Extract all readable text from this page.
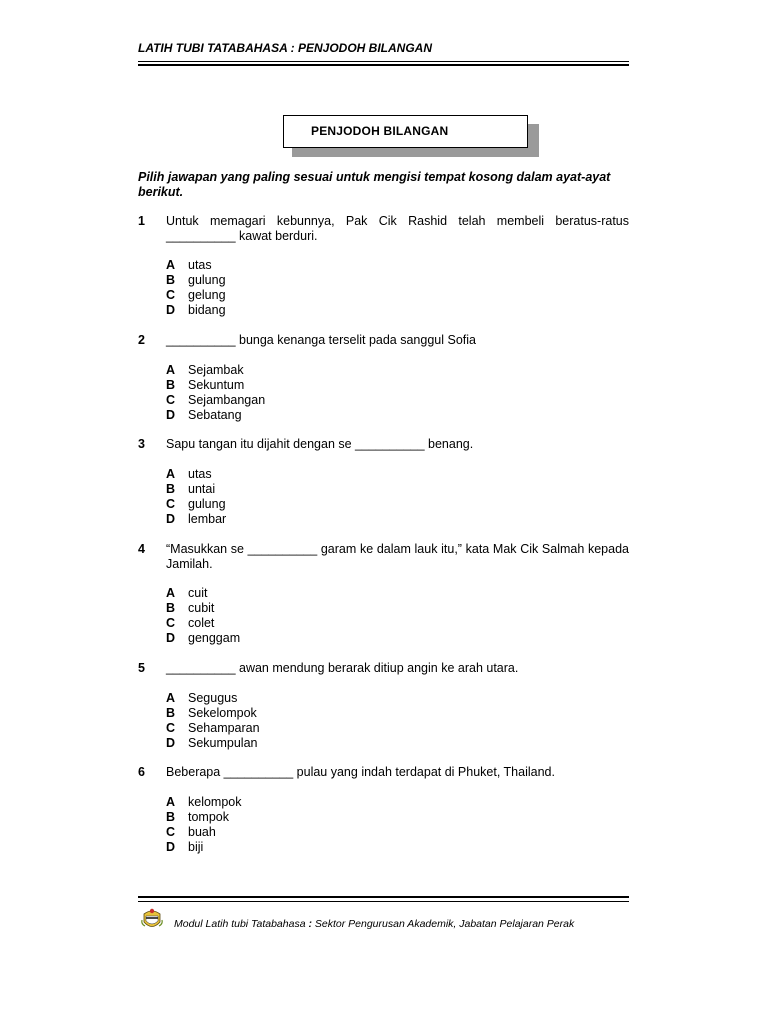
LATIH TUBI TATABAHASA : PENJODOH BILANGAN
PENJODOH BILANGAN
Pilih jawapan yang paling sesuai untuk mengisi tempat kosong dalam ayat-ayat berikut.
1 Untuk memagari kebunnya, Pak Cik Rashid telah membeli beratus-ratus __________ kawat berduri.
A utas
B gulung
C gelung
D bidang
2 __________ bunga kenanga terselit pada sanggul Sofia
A Sejambak
B Sekuntum
C Sejambangan
D Sebatang
3 Sapu tangan itu dijahit dengan se __________ benang.
A utas
B untai
C gulung
D lembar
4 “Masukkan se __________ garam ke dalam lauk itu,” kata Mak Cik Salmah kepada Jamilah.
A cuit
B cubit
C colet
D genggam
5 __________ awan mendung berarak ditiup angin ke arah utara.
A Segugus
B Sekelompok
C Sehamparan
D Sekumpulan
6 Beberapa __________ pulau yang indah terdapat di Phuket, Thailand.
A kelompok
B tompok
C buah
D biji
Modul Latih tubi Tatabahasa : Sektor Pengurusan Akademik, Jabatan Pelajaran Perak
